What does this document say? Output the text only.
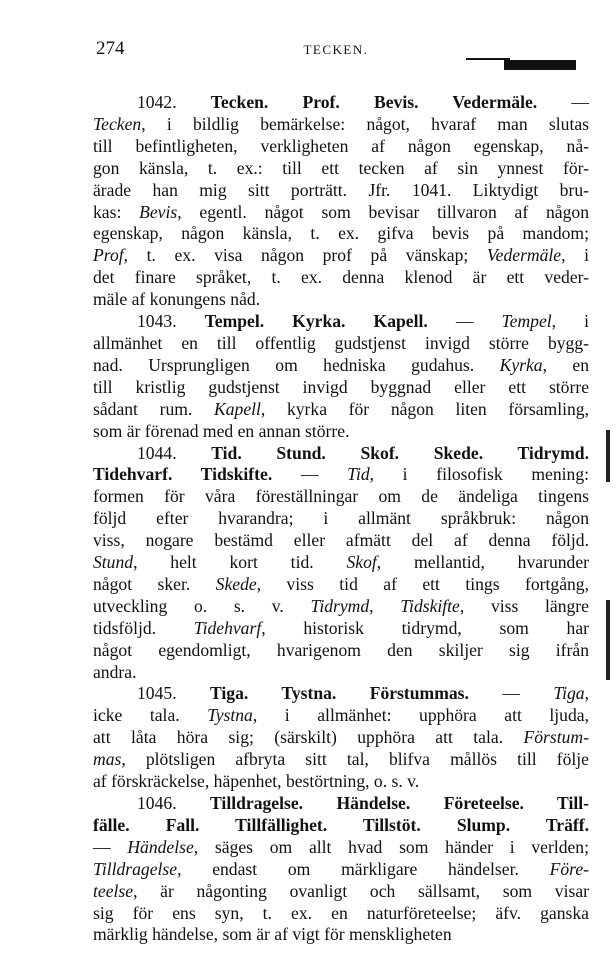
274	TECKEN.
1042. Tecken. Prof. Bevis. Vedermäle. —
Tecken, i bildlig bemärkelse: något, hvaraf man slutas
till befintligheten, verkligheten af någon egenskap, nå-
gon känsla, t. ex.: till ett tecken af sin ynnest för-
ärade han mig sitt porträtt. Jfr. 1041. Liktydigt bru-
kas: Bevis, egentl. något som bevisar tillvaron af någon
egenskap, någon känsla, t. ex. gifva bevis på mandom;
Prof, t. ex. visa någon prof på vänskap; Vedermäle, i
det finare språket, t. ex. denna klenod är ett veder-
mäle af konungens nåd.
1043. Tempel. Kyrka. Kapell. — Tempel, i
allmänhet en till offentlig gudstjenst invigd större bygg-
nad. Ursprungligen om hedniska gudahus. Kyrka, en
till kristlig gudstjenst invigd byggnad eller ett större
sådant rum. Kapell, kyrka för någon liten församling,
som är förenad med en annan större.
1044. Tid. Stund. Skof. Skede. Tidrymd.
Tidehvarf. Tidskifte. — Tid, i filosofisk mening:
formen för våra föreställningar om de ändeliga tingens
följd efter hvarandra; i allmänt språkbruk: någon
viss, nogare bestämd eller afmätt del af denna följd.
Stund, helt kort tid. Skof, mellantid, hvarunder
något sker. Skede, viss tid af ett tings fortgång,
utveckling o. s. v. Tidrymd, Tidskifte, viss längre
tidsföljd. Tidehvarf, historisk tidrymd, som har
något egendomligt, hvarigenom den skiljer sig ifrån
andra.
1045. Tiga. Tystna. Förstummas. — Tiga,
icke tala. Tystna, i allmänhet: upphöra att ljuda,
att låta höra sig; (särskilt) upphöra att tala. Förstum-
mas, plötsligen afbryta sitt tal, blifva mållös till följe
af förskräckelse, häpenhet, bestörtning, o. s. v.
1046. Tilldragelse. Händelse. Företeelse. Till-
fälle. Fall. Tillfällighet. Tillstöt. Slump. Träff.
— Händelse, säges om allt hvad som händer i verlden;
Tilldragelse, endast om märkligare händelser. Före-
teelse, är någonting ovanligt och sällsamt, som visar
sig för ens syn, t. ex. en naturföreteelse; äfv. ganska
märklig händelse, som är af vigt för menskligheten
